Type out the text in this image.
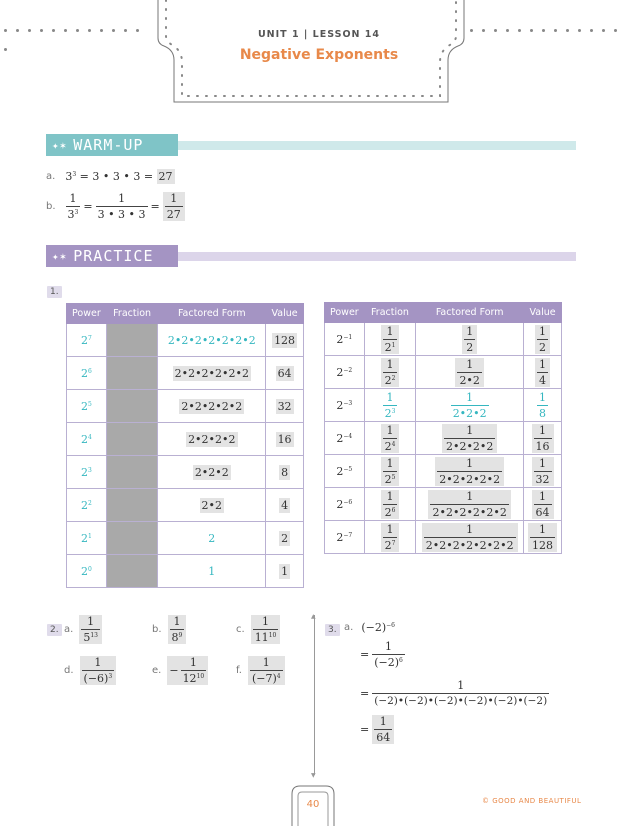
UNIT 1 | LESSON 14
Negative Exponents
✦✶ WARM-UP
a. $3^3 = 3$ • 3 • 3 = 27
b. $\frac{1}{3^3} = \frac{1}{3 • 3 • 3} = \frac{1}{27}$
✦✶ PRACTICE
1.
Power	Fraction	Factored Form	Value
$2^7$		2•2•2•2•2•2•2	128
$2^6$		2•2•2•2•2•2	64
$2^5$		2•2•2•2•2	32
$2^4$		2•2•2•2	16
$2^3$		2•2•2	8
$2^2$		2•2	4
$2^1$		2	2
$2^0$		1	1
Power	Fraction	Factored Form	Value
$2^{-1}$	$\frac{1}{2^1}$	$\frac{1}{2}$	$\frac{1}{2}$

$2^{-2}$	$\frac{1}{2^2}$	$\frac{1}{2•2}$	$\frac{1}{4}$

$2^{-3}$	$\frac{1}{2^3}$	$\frac{1}{2•2•2}$	$\frac{1}{8}$

$2^{-4}$	$\frac{1}{2^4}$	$\frac{1}{2•2•2•2}$	$\frac{1}{16}$

$2^{-5}$	$\frac{1}{2^5}$	$\frac{1}{2•2•2•2•2}$	$\frac{1}{32}$

$2^{-6}$	$\frac{1}{2^6}$	$\frac{1}{2•2•2•2•2•2}$	$\frac{1}{64}$

$2^{-7}$	$\frac{1}{2^7}$	$\frac{1}{2•2•2•2•2•2•2}$	$\frac{1}{128}$
2. a. $\frac{1}{5^{13}}$	b. $\frac{1}{8^9}$	c. $\frac{1}{11^{10}}$
d. $\frac{1}{(-6)^3}$	e. − $\frac{1}{12^{10}}$	f. $\frac{1}{(-7)^4}$
▲
▼
3. a. $(-2)^{-6}$
= $\frac{1}{(-2)^6}$
= $\frac{1}{(-2)•(-2)•(-2)•(-2)•(-2)•(-2)}$
= $\frac{1}{64}$
40	© GOOD AND BEAUTIFUL
